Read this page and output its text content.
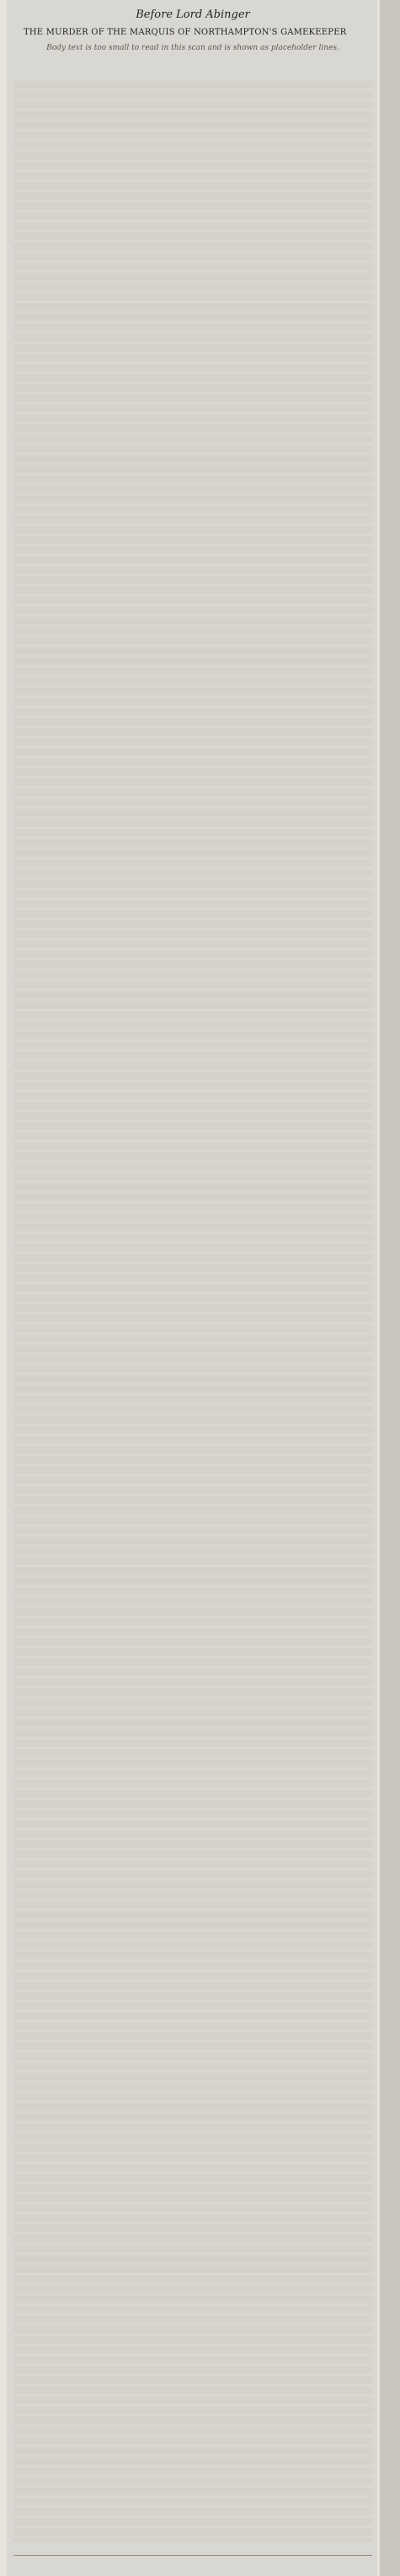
Before Lord Abinger
THE MURDER OF THE MARQUIS OF NORTHAMPTON'S GAMEKEEPER
Body text is too small to read in this scan and is shown as placeholder lines.
